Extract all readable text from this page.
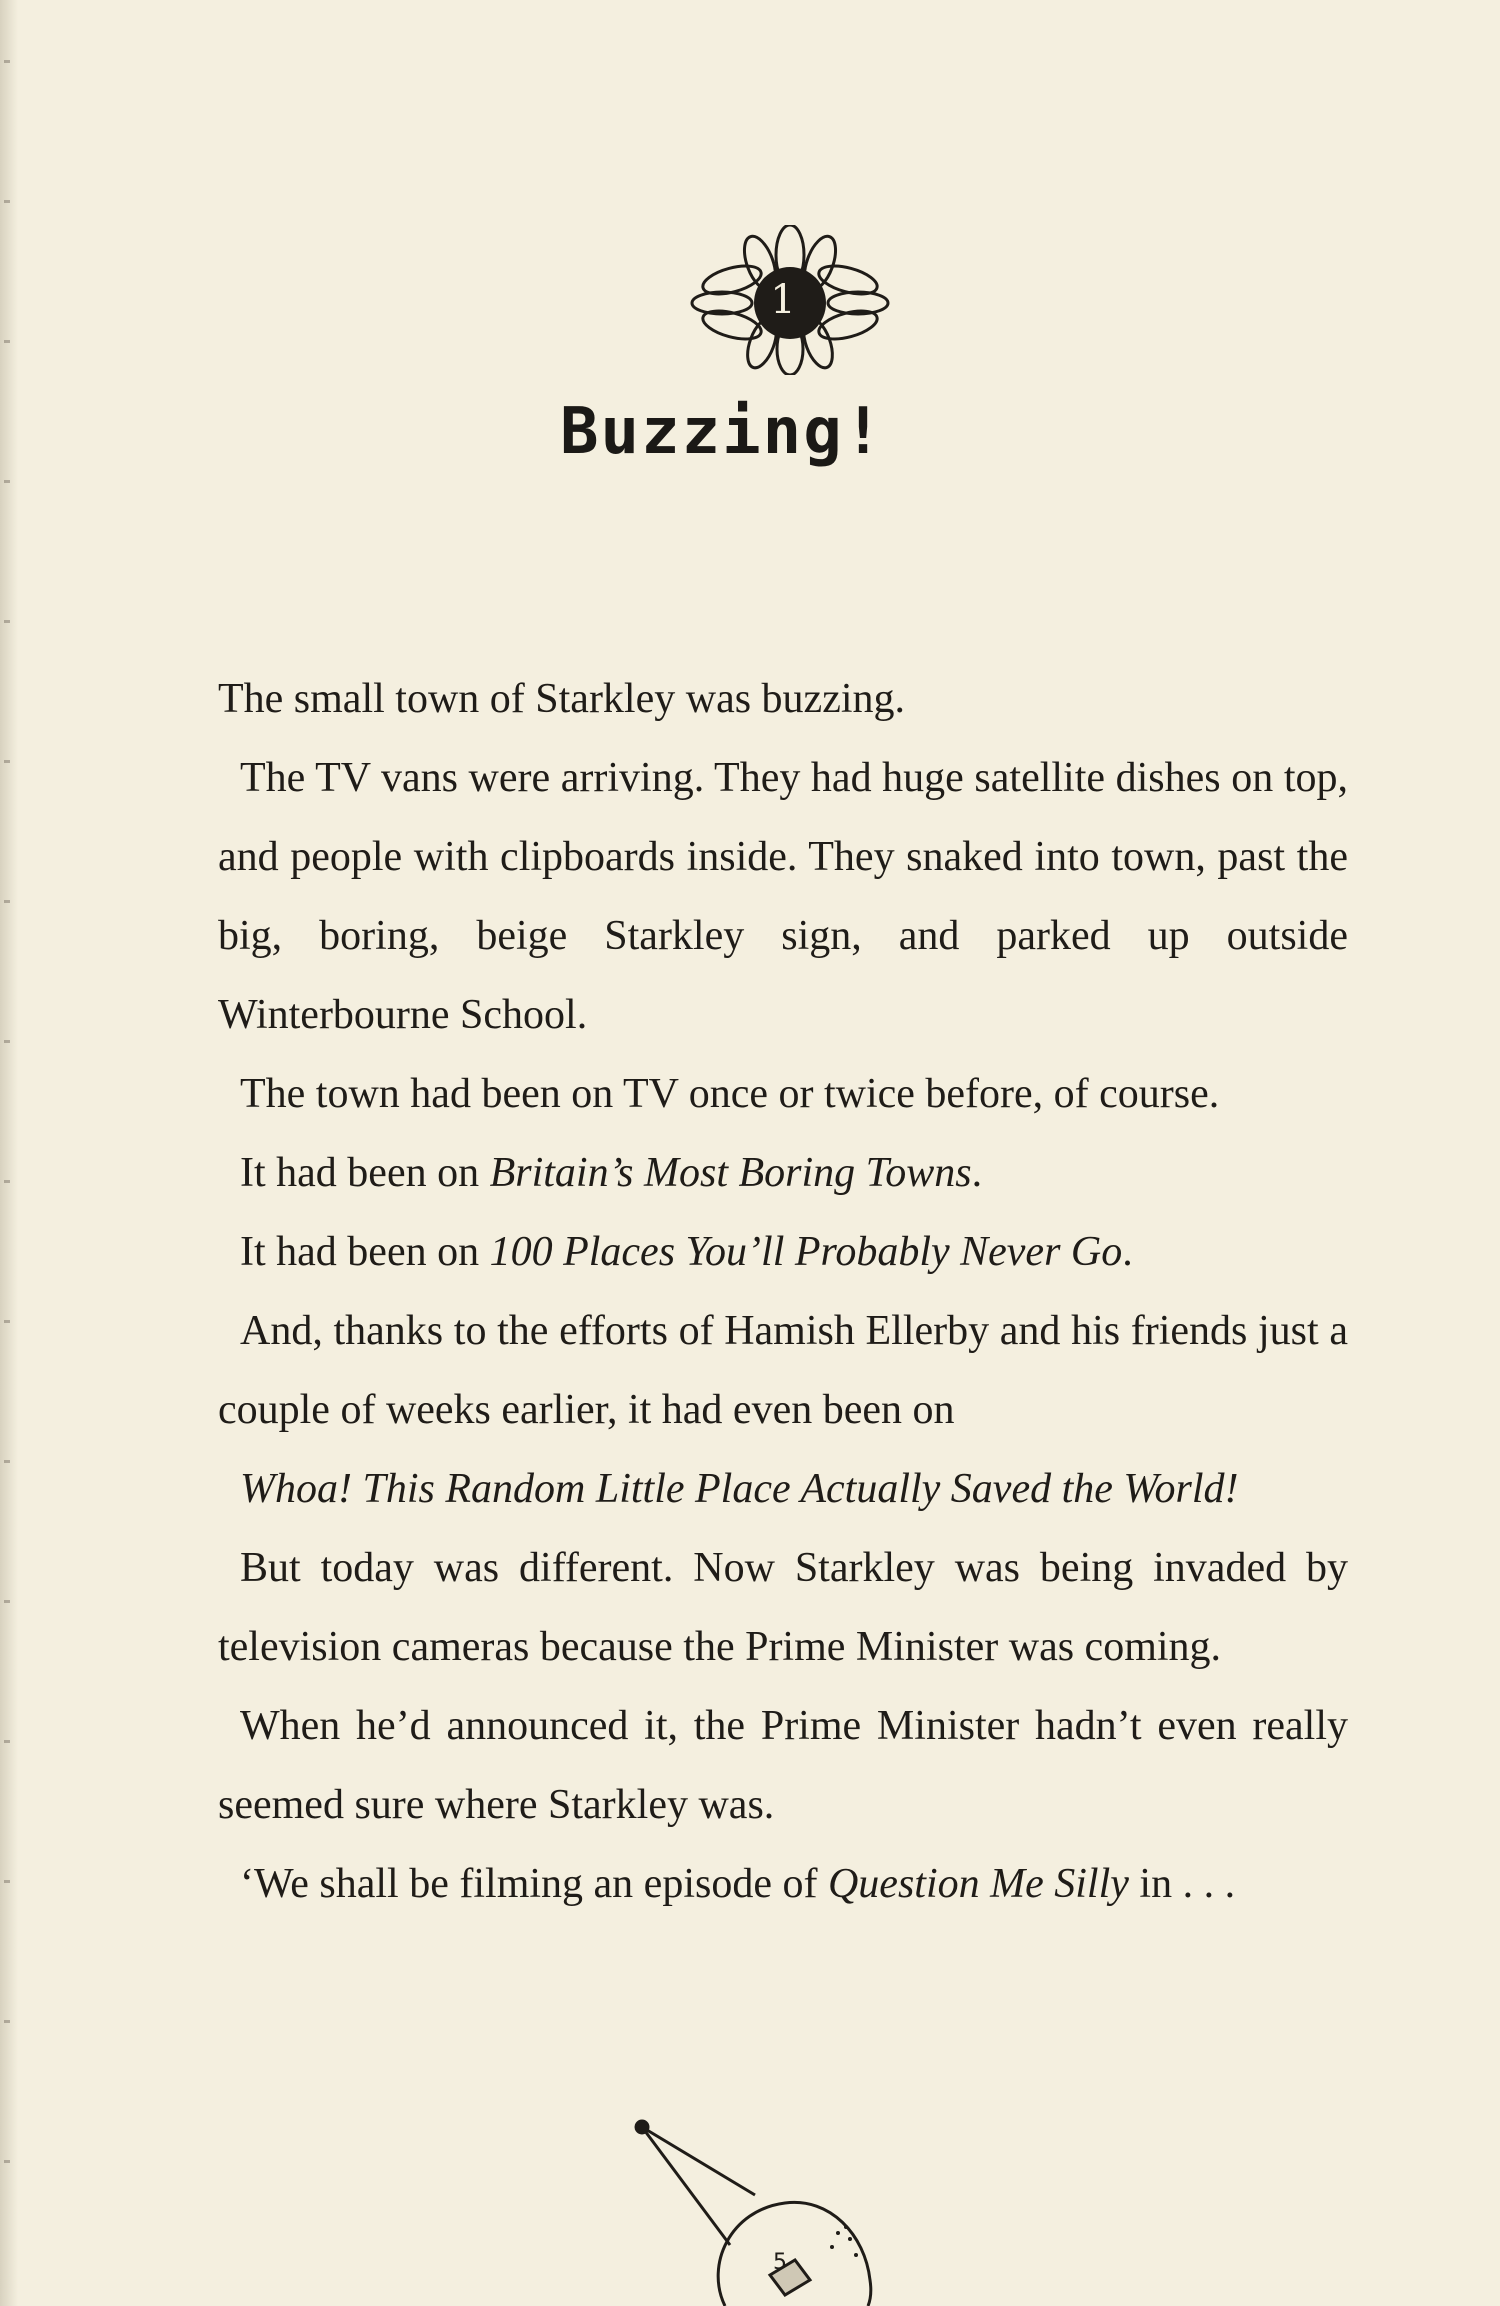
1
Buzzing!

The small town of Starkley was buzzing.

The TV vans were arriving. They had huge satellite dishes on top, and people with clipboards inside. They snaked into town, past the big, boring, beige Starkley sign, and parked up outside Winterbourne School.

The town had been on TV once or twice before, of course.

It had been on Britain’s Most Boring Towns.

It had been on 100 Places You’ll Probably Never Go.

And, thanks to the efforts of Hamish Ellerby and his friends just a couple of weeks earlier, it had even been on
Whoa! This Random Little Place Actually Saved the World!

But today was different. Now Starkley was being invaded by television cameras because the Prime Minister was coming.

When he’d announced it, the Prime Minister hadn’t even really seemed sure where Starkley was.

‘We shall be filming an episode of Question Me Silly in . . .

5
